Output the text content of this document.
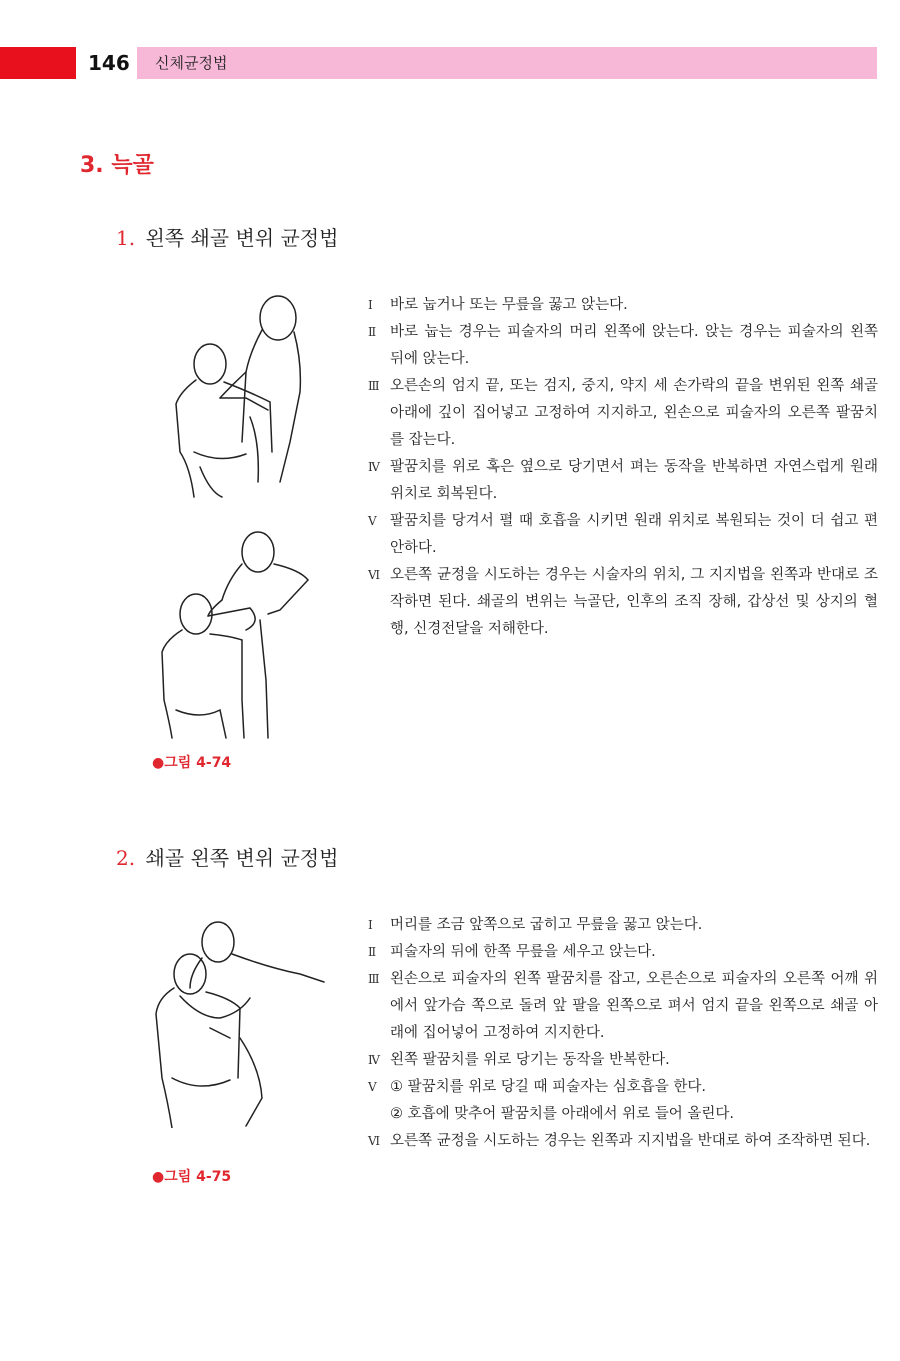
146 신체균정법
3. 늑골
1. 왼쪽 쇄골 변위 균정법
●그림 4-74
Ⅰ	바로 눕거나 또는 무릎을 꿇고 앉는다.
Ⅱ 바로 눕는 경우는 피술자의 머리 왼쪽에 앉는다. 앉는 경우는 피술자의 왼쪽 뒤에 앉는다.
Ⅲ 오른손의 엄지 끝, 또는 검지, 중지, 약지 세 손가락의 끝을 변위된 왼쪽 쇄골 아래에 깊이 집어넣고 고정하여 지지하고, 왼손으로 피술자의 오른쪽 팔꿈치를 잡는다.
Ⅳ 팔꿈치를 위로 혹은 옆으로 당기면서 펴는 동작을 반복하면 자연스럽게 원래 위치로 회복된다.
Ⅴ 팔꿈치를 당겨서 펼 때 호흡을 시키면 원래 위치로 복원되는 것이 더 쉽고 편안하다.
Ⅵ 오른쪽 균정을 시도하는 경우는 시술자의 위치, 그 지지법을 왼쪽과 반대로 조작하면 된다. 쇄골의 변위는 늑골단, 인후의 조직 장해, 갑상선 및 상지의 혈행, 신경전달을 저해한다.
2. 쇄골 왼쪽 변위 균정법
●그림 4-75
Ⅰ	머리를 조금 앞쪽으로 굽히고 무릎을 꿇고 앉는다.
Ⅱ 피술자의 뒤에 한쪽 무릎을 세우고 앉는다.
Ⅲ 왼손으로 피술자의 왼쪽 팔꿈치를 잡고, 오른손으로 피술자의 오른쪽 어깨 위에서 앞가슴 쪽으로 돌려 앞 팔을 왼쪽으로 펴서 엄지 끝을 왼쪽으로 쇄골 아래에 집어넣어 고정하여 지지한다.
Ⅳ 왼쪽 팔꿈치를 위로 당기는 동작을 반복한다.
Ⅴ ① 팔꿈치를 위로 당길 때 피술자는 심호흡을 한다.
② 호흡에 맞추어 팔꿈치를 아래에서 위로 들어 올린다.
Ⅵ 오른쪽 균정을 시도하는 경우는 왼쪽과 지지법을 반대로 하여 조작하면 된다.
